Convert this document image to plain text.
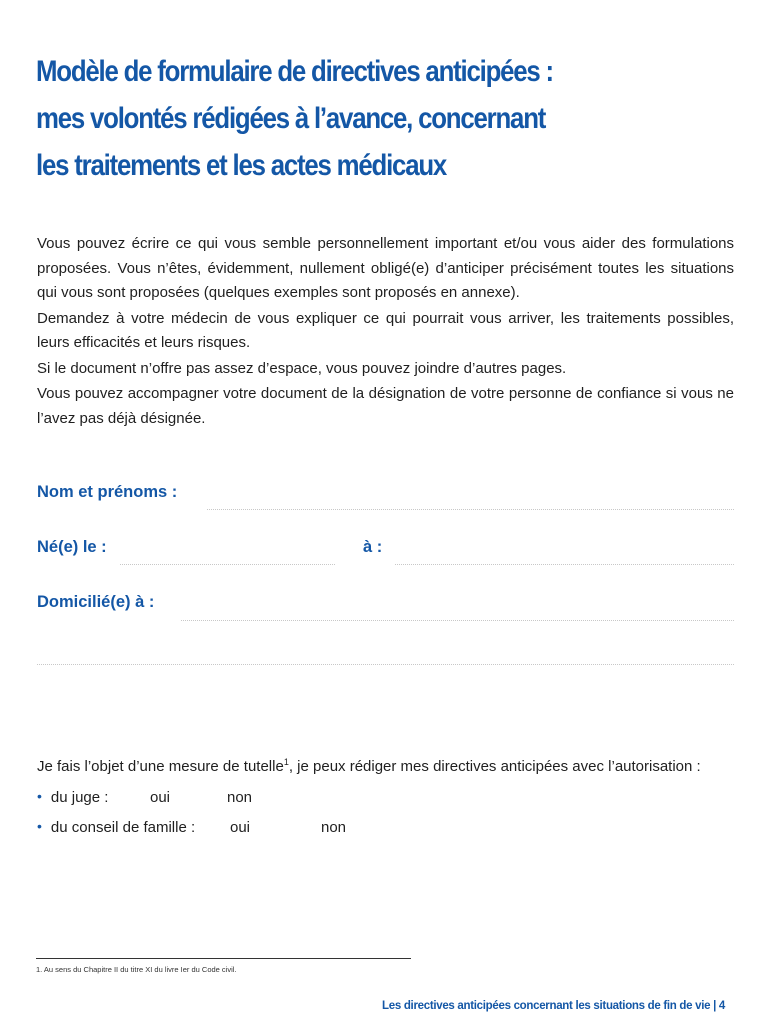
Modèle de formulaire de directives anticipées :
mes volontés rédigées à l’avance, concernant
les traitements et les actes médicaux

Vous pouvez écrire ce qui vous semble personnellement important et/ou vous aider des formulations proposées. Vous n’êtes, évidemment, nullement obligé(e) d’anticiper précisément toutes les situations qui vous sont proposées (quelques exemples sont proposés en annexe).

Demandez à votre médecin de vous expliquer ce qui pourrait vous arriver, les traitements possibles, leurs efficacités et leurs risques.

Si le document n’offre pas assez d’espace, vous pouvez joindre d’autres pages.

Vous pouvez accompagner votre document de la désignation de votre personne de confiance si vous ne l’avez pas déjà désignée.

Nom et prénoms :
Né(e) le :	à :
Domicilié(e) à :
Je fais l’objet d’une mesure de tutelle$^1$, je peux rédiger mes directives anticipées avec l’autorisation :
• du juge :	oui	non
• du conseil de famille : oui	non
1. Au sens du Chapitre II du titre XI du livre Ier du Code civil.
Les directives anticipées concernant les situations de fin de vie | 4
